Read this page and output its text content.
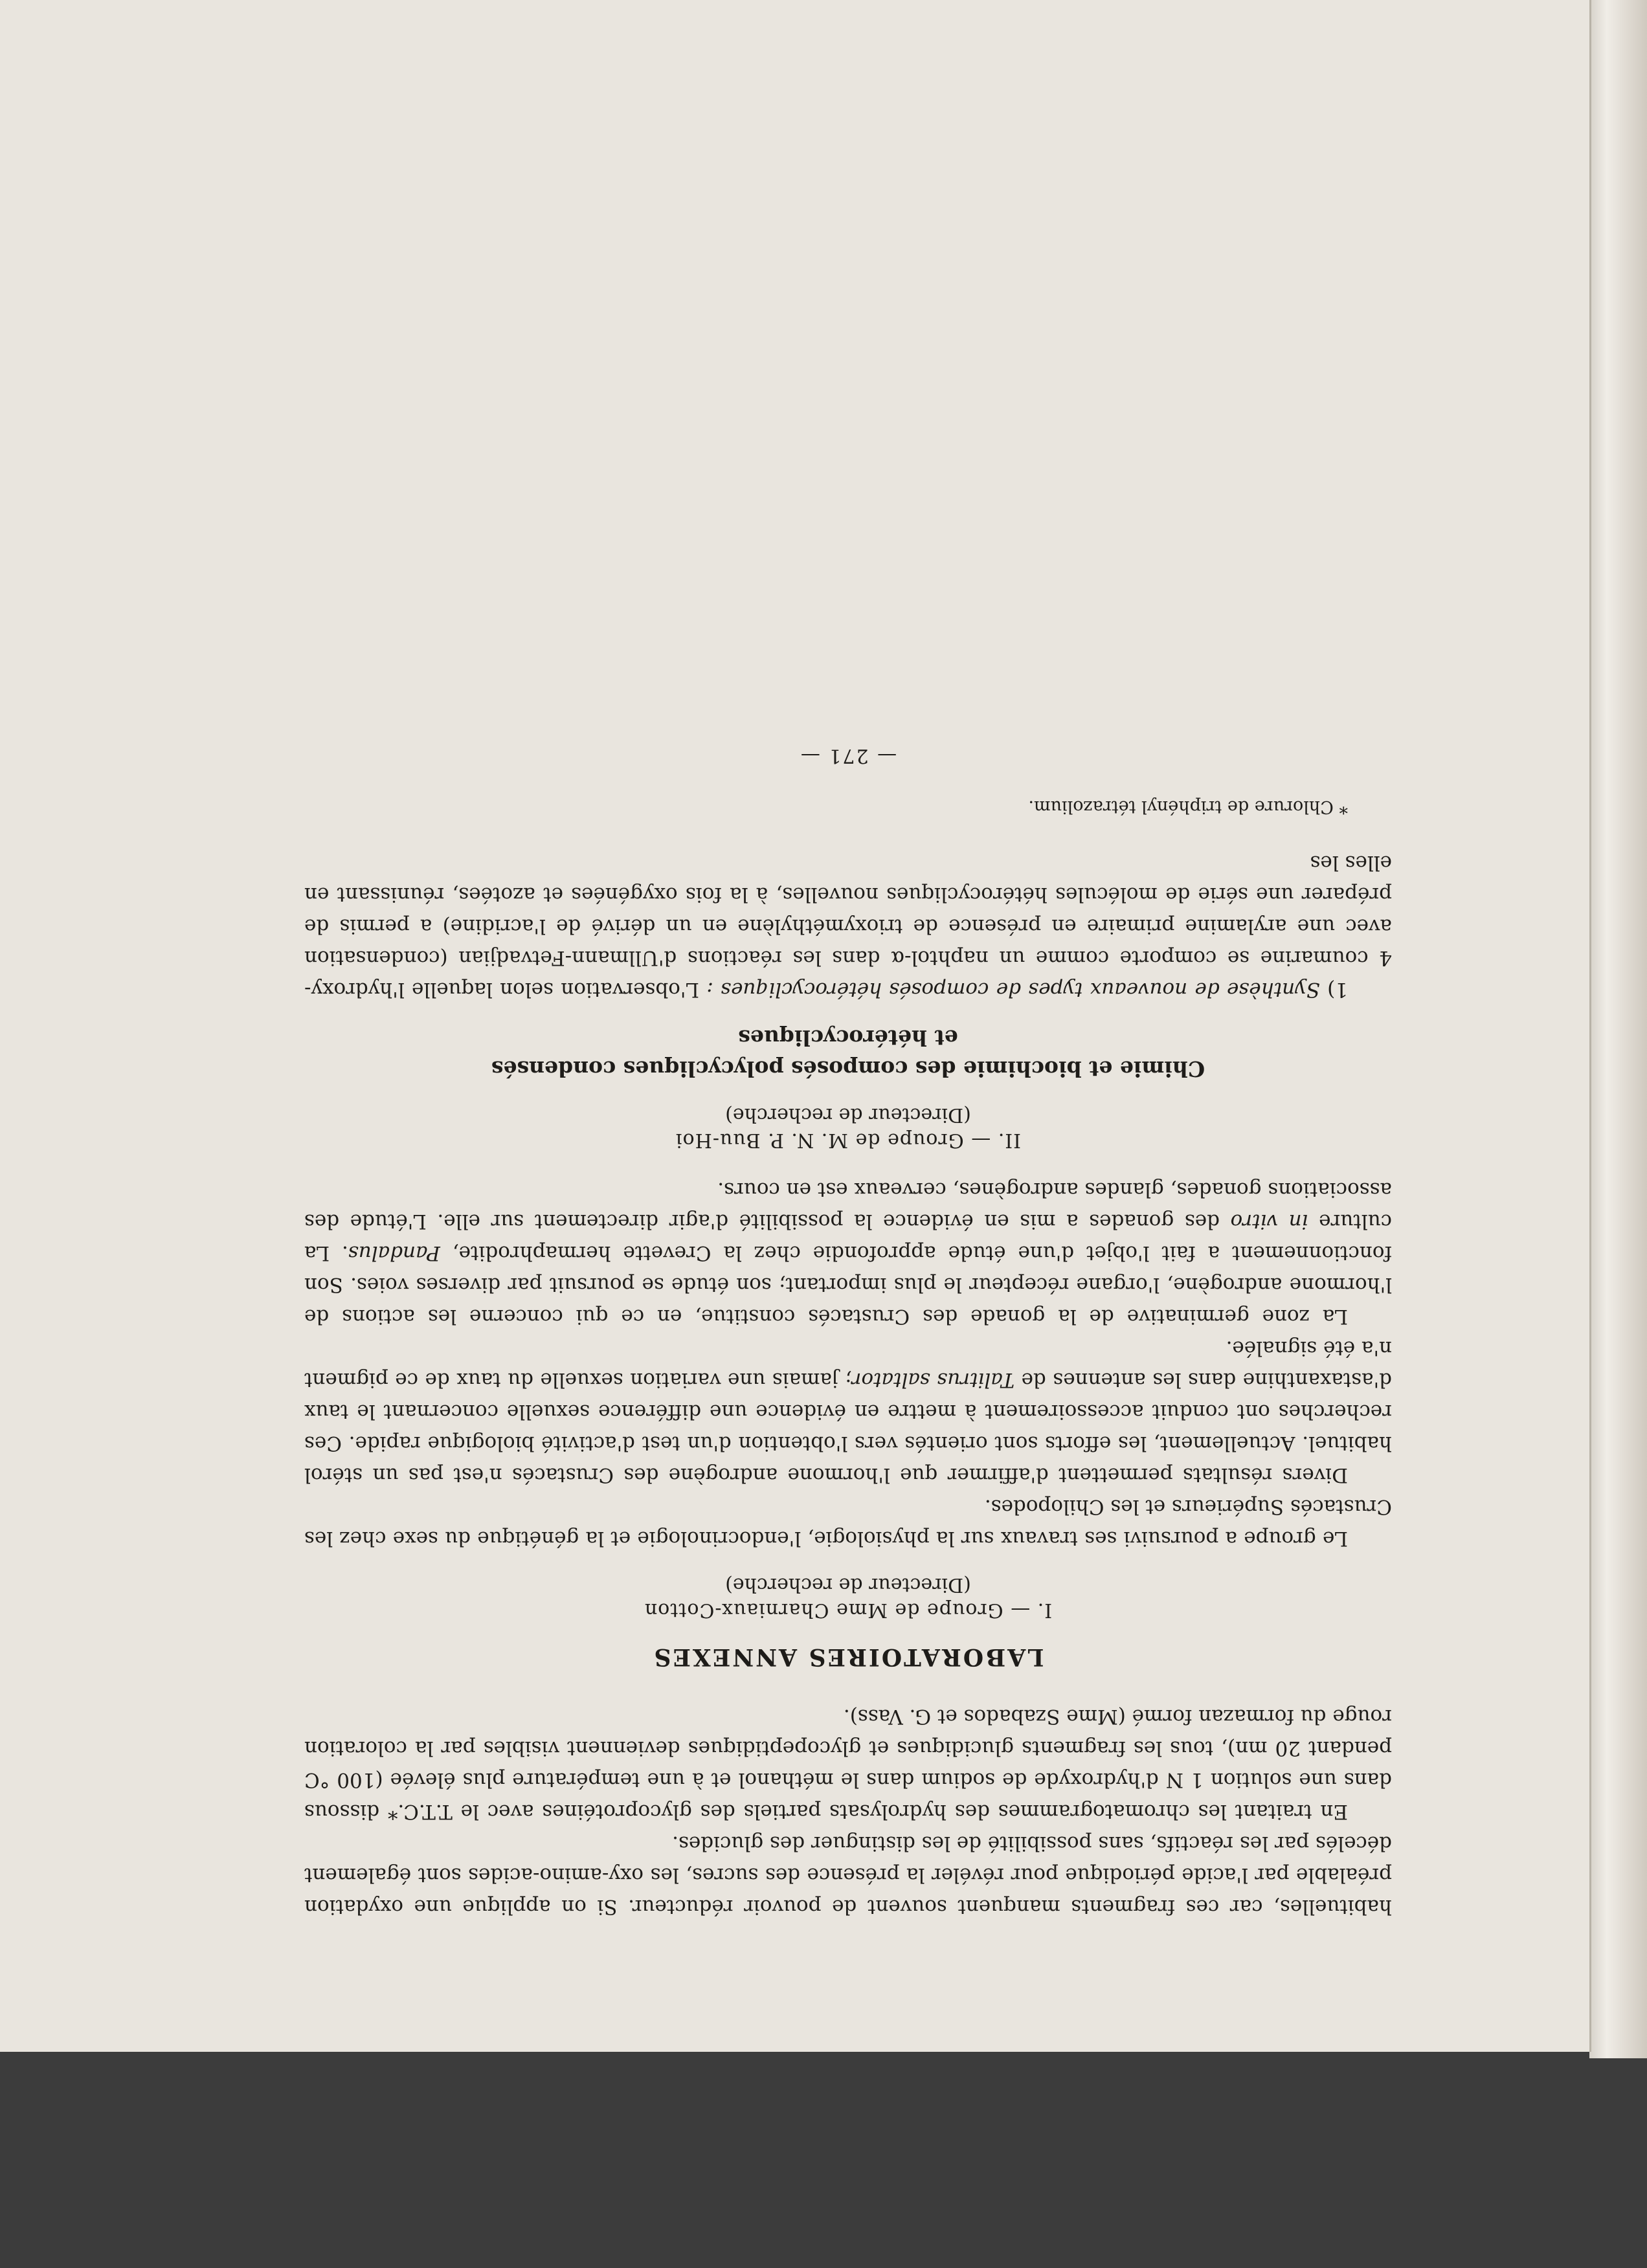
habituelles, car ces fragments manquent souvent de pouvoir réducteur. Si on applique une oxydation préalable par l'acide périodique pour révéler la présence des sucres, les oxy-amino-acides sont également décelés par les réactifs, sans possibilité de les distinguer des glucides.

En traitant les chromatogrammes des hydrolysats partiels des glycoprotéines avec le T.T.C.* dissous dans une solution 1 N d'hydroxyde de sodium dans le méthanol et à une température plus élevée (100 °C pendant 20 mn), tous les fragments glucidiques et glycopeptidiques deviennent visibles par la coloration rouge du formazan formé (Mme Szabados et G. Vass).

LABORATOIRES ANNEXES
I. — Groupe de Mme Charniaux-Cotton
(Directeur de recherche)

Le groupe a poursuivi ses travaux sur la physiologie, l'endocrinologie et la génétique du sexe chez les Crustacés Supérieurs et les Chilopodes.

Divers résultats permettent d'affirmer que l'hormone androgène des Crustacés n'est pas un stérol habituel. Actuellement, les efforts sont orientés vers l'obtention d'un test d'activité biologique rapide. Ces recherches ont conduit accessoirement à mettre en évidence une différence sexuelle concernant le taux d'astaxanthine dans les antennes de Talitrus saltator; jamais une variation sexuelle du taux de ce pigment n'a été signalée.

La zone germinative de la gonade des Crustacés constitue, en ce qui concerne les actions de l'hormone androgène, l'organe récepteur le plus important; son étude se poursuit par diverses voies. Son fonctionnement a fait l'objet d'une étude approfondie chez la Crevette hermaphrodite, Pandalus. La culture in vitro des gonades a mis en évidence la possibilité d'agir directement sur elle. L'étude des associations gonades, glandes androgènes, cerveaux est en cours.

II. — Groupe de M. N. P. Buu-Hoi
(Directeur de recherche)
Chimie et biochimie des composés polycycliques condensés
et hétérocycliques

1) Synthèse de nouveaux types de composés hétérocycliques : L'observation selon laquelle l'hydroxy-4 coumarine se comporte comme un naphtol-α dans les réactions d'Ullmann-Fetvadjian (condensation avec une arylamine primaire en présence de trioxyméthylène en un dérivé de l'acridine) a permis de préparer une série de molécules hétérocycliques nouvelles, à la fois oxygénées et azotées, réunissant en elles les

* Chlorure de triphényl tétrazolium.
— 271 —
